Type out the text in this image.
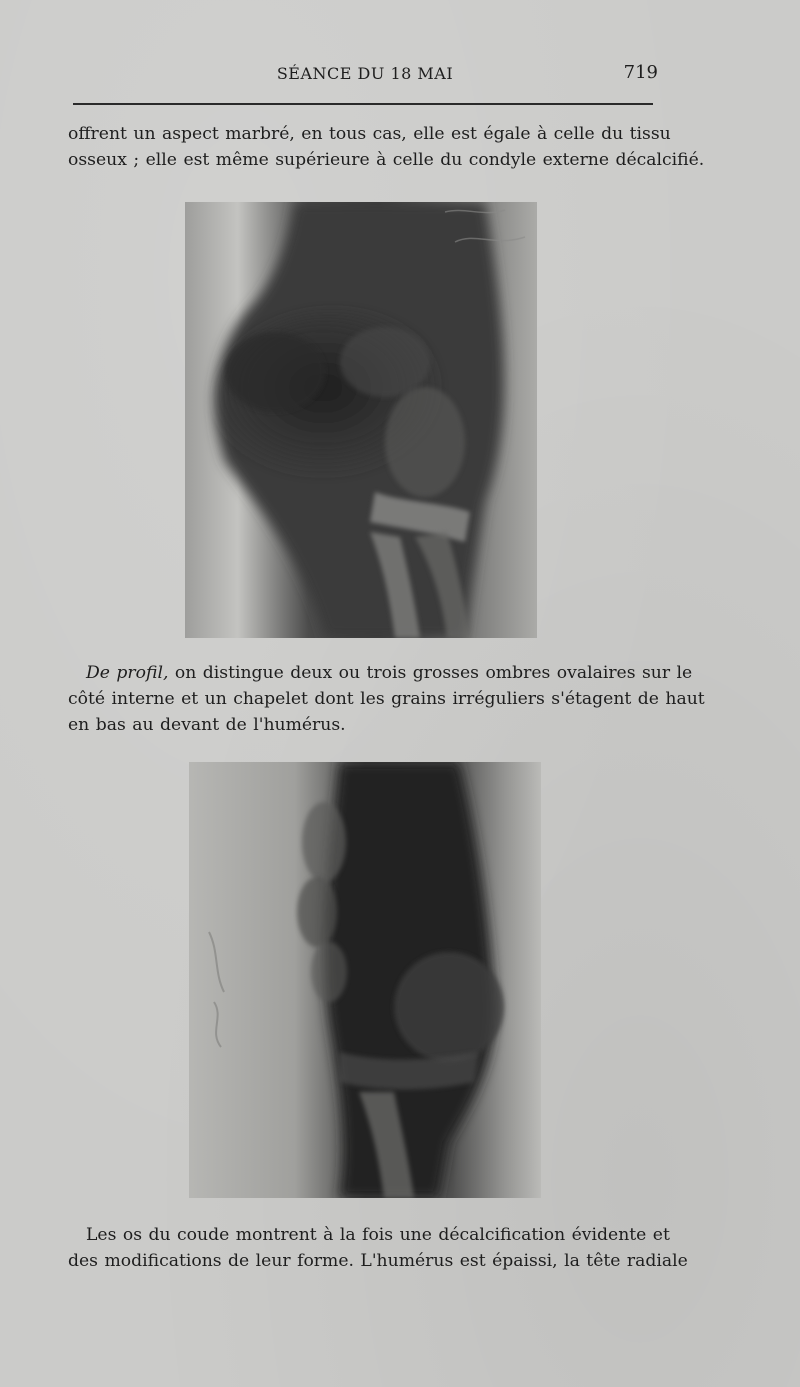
SÉANCE DU 18 MAI	719
offrent un aspect marbré, en tous cas, elle est égale à celle du tissu
osseux ; elle est même supérieure à celle du condyle externe décalcifié.
De profil, on distingue deux ou trois grosses ombres ovalaires sur le
côté interne et un chapelet dont les grains irréguliers s'étagent de haut
en bas au devant de l'humérus.
Les os du coude montrent à la fois une décalcification évidente et
des modifications de leur forme. L'humérus est épaissi, la tête radiale
